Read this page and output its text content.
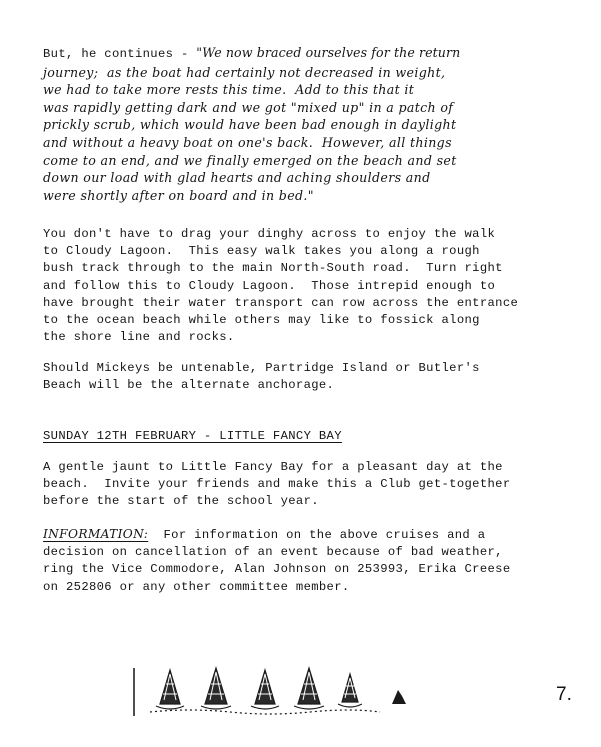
But, he continues - "We now braced ourselves for the return
journey;  as the boat had certainly not decreased in weight,
we had to take more rests this time.  Add to this that it
was rapidly getting dark and we got "mixed up" in a patch of
prickly scrub, which would have been bad enough in daylight
and without a heavy boat on one's back.  However, all things
come to an end, and we finally emerged on the beach and set
down our load with glad hearts and aching shoulders and
were shortly after on board and in bed."
You don't have to drag your dinghy across to enjoy the walk
to Cloudy Lagoon.  This easy walk takes you along a rough
bush track through to the main North-South road.  Turn right
and follow this to Cloudy Lagoon.  Those intrepid enough to
have brought their water transport can row across the entrance
to the ocean beach while others may like to fossick along
the shore line and rocks.
Should Mickeys be untenable, Partridge Island or Butler's
Beach will be the alternate anchorage.
SUNDAY 12TH FEBRUARY - LITTLE FANCY BAY
A gentle jaunt to Little Fancy Bay for a pleasant day at the
beach.  Invite your friends and make this a Club get-together
before the start of the school year.
INFORMATION:  For information on the above cruises and a
decision on cancellation of an event because of bad weather,
ring the Vice Commodore, Alan Johnson on 253993, Erika Creese
on 252806 or any other committee member.
7.
